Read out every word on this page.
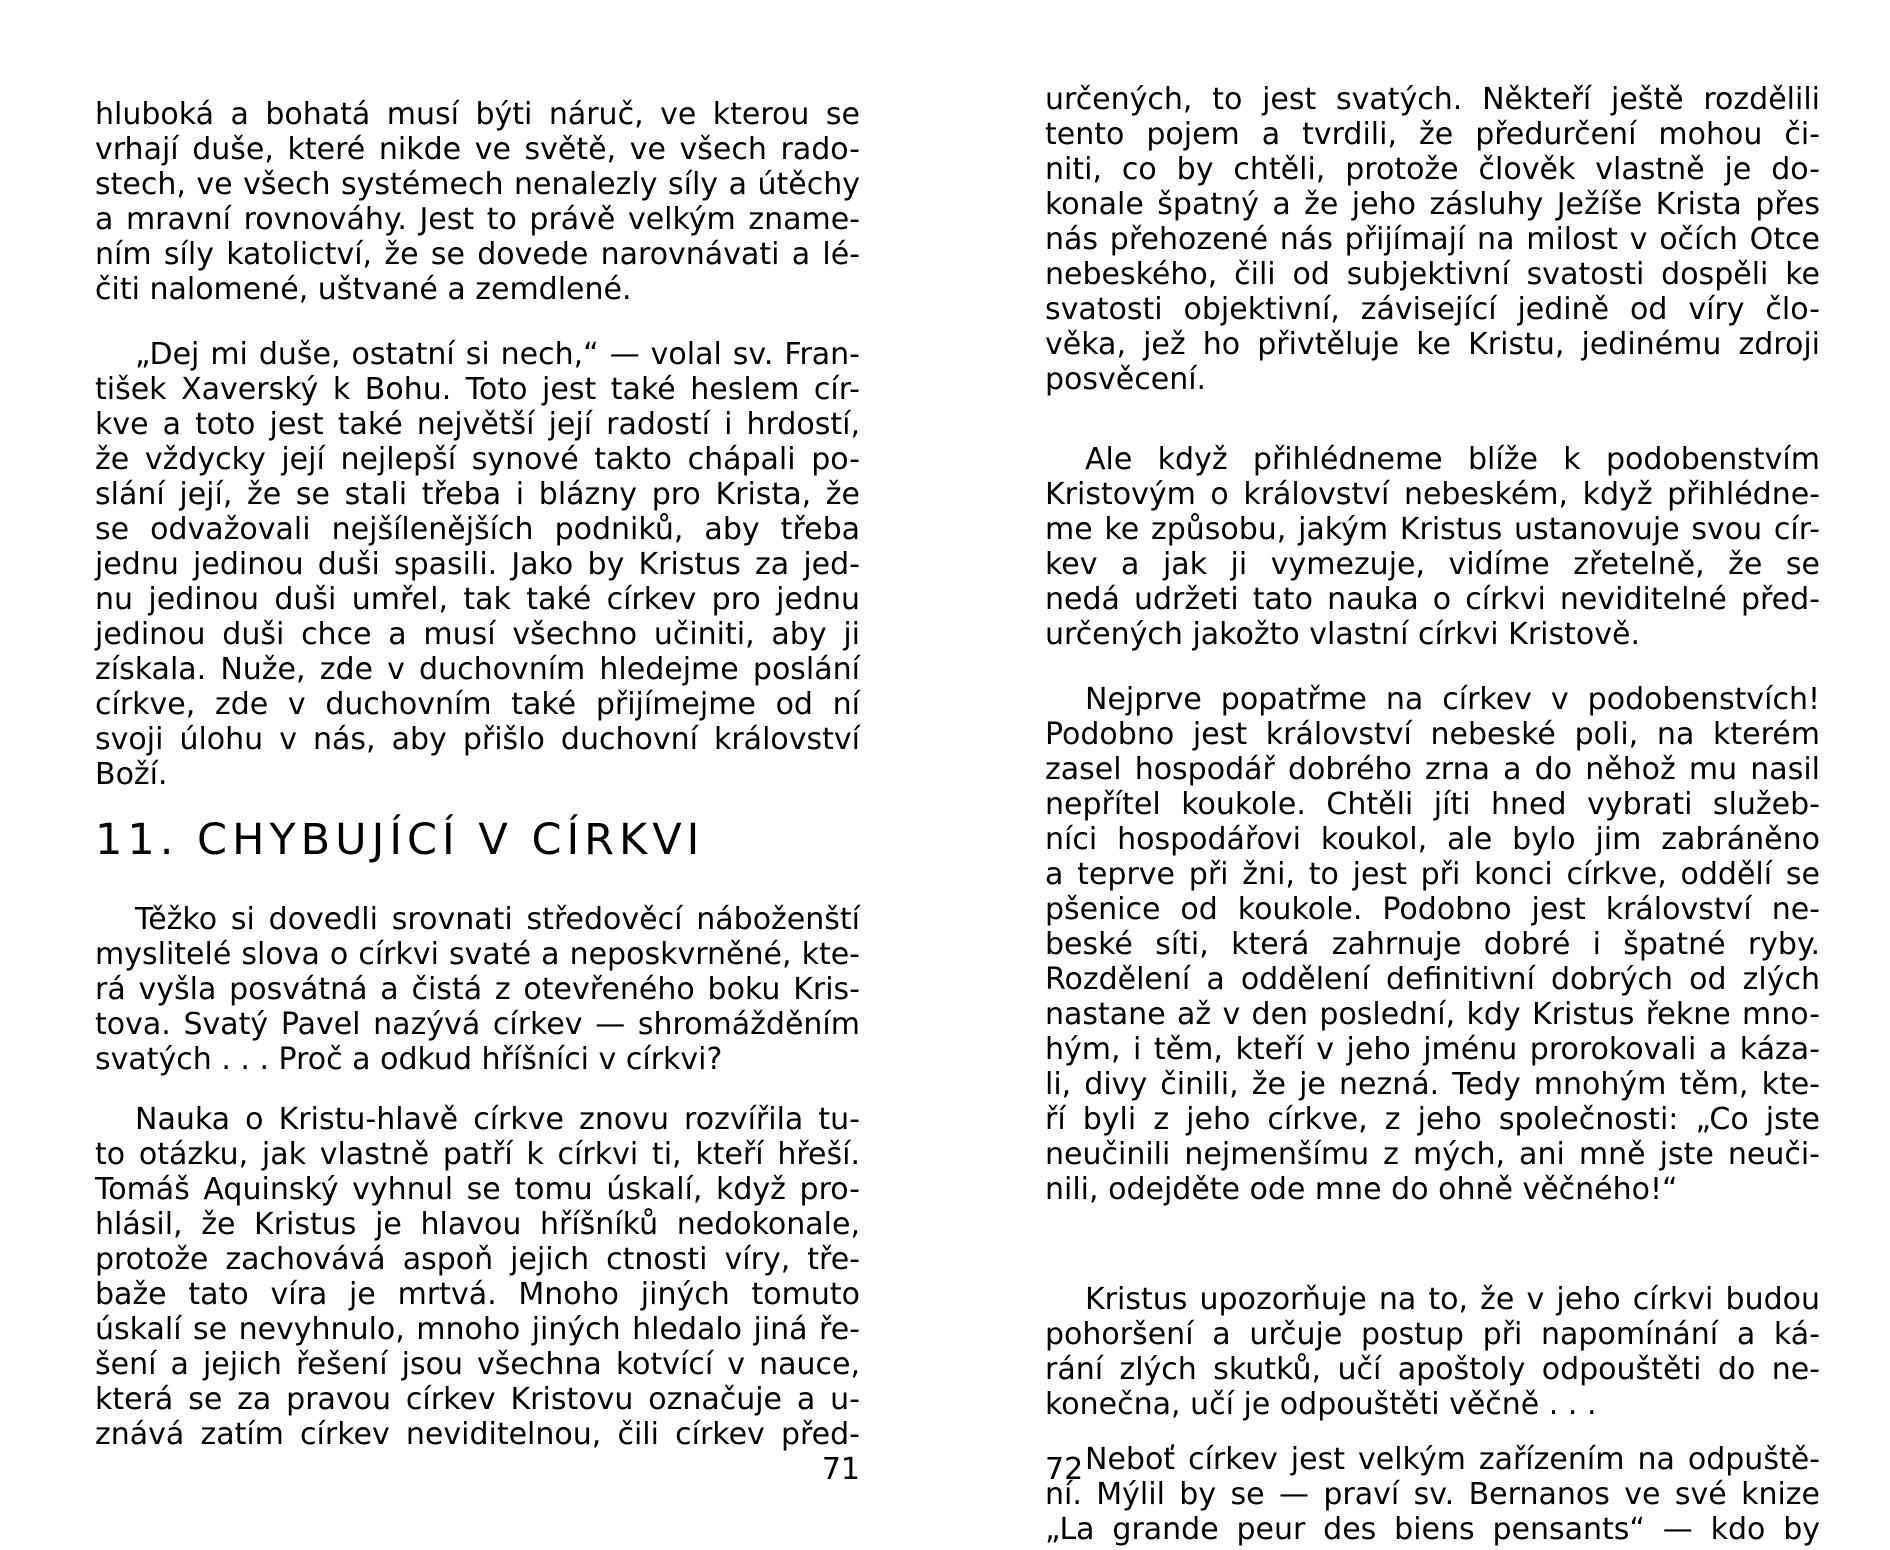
hluboká a bohatá musí býti náruč, ve kterou se
vrhají duše, které nikde ve světě, ve všech rado-
stech, ve všech systémech nenalezly síly a útěchy
a mravní rovnováhy. Jest to právě velkým zname-
ním síly katolictví, že se dovede narovnávati a lé-
čiti nalomené, uštvané a zemdlené.
„Dej mi duše, ostatní si nech,“ — volal sv. Fran-
tišek Xaverský k Bohu. Toto jest také heslem cír-
kve a toto jest také největší její radostí i hrdostí,
že vždycky její nejlepší synové takto chápali po-
slání její, že se stali třeba i blázny pro Krista, že
se odvažovali nejšílenějších podniků, aby třeba
jednu jedinou duši spasili. Jako by Kristus za jed-
nu jedinou duši umřel, tak také církev pro jednu
jedinou duši chce a musí všechno učiniti, aby ji
získala. Nuže, zde v duchovním hledejme poslání
církve, zde v duchovním také přijímejme od ní
svoji úlohu v nás, aby přišlo duchovní království
Boží.
11. CHYBUJÍCÍ V CÍRKVI
Těžko si dovedli srovnati středověcí náboženští
myslitelé slova o církvi svaté a neposkvrněné, kte-
rá vyšla posvátná a čistá z otevřeného boku Kris-
tova. Svatý Pavel nazývá církev — shromážděním
svatých . . . Proč a odkud hříšníci v církvi?
Nauka o Kristu-hlavě církve znovu rozvířila tu-
to otázku, jak vlastně patří k církvi ti, kteří hřeší.
Tomáš Aquinský vyhnul se tomu úskalí, když pro-
hlásil, že Kristus je hlavou hříšníků nedokonale,
protože zachovává aspoň jejich ctnosti víry, tře-
baže tato víra je mrtvá. Mnoho jiných tomuto
úskalí se nevyhnulo, mnoho jiných hledalo jiná ře-
šení a jejich řešení jsou všechna kotvící v nauce,
která se za pravou církev Kristovu označuje a u-
znává zatím církev neviditelnou, čili církev před-
71
určených, to jest svatých. Někteří ještě rozdělili
tento pojem a tvrdili, že předurčení mohou či-
niti, co by chtěli, protože člověk vlastně je do-
konale špatný a že jeho zásluhy Ježíše Krista přes
nás přehozené nás přijímají na milost v očích Otce
nebeského, čili od subjektivní svatosti dospěli ke
svatosti objektivní, závisející jedině od víry člo-
věka, jež ho přivtěluje ke Kristu, jedinému zdroji
posvěcení.
Ale když přihlédneme blíže k podobenstvím
Kristovým o království nebeském, když přihlédne-
me ke způsobu, jakým Kristus ustanovuje svou cír-
kev a jak ji vymezuje, vidíme zřetelně, že se
nedá udržeti tato nauka o církvi neviditelné před-
určených jakožto vlastní církvi Kristově.
Nejprve popatřme na církev v podobenstvích!
Podobno jest království nebeské poli, na kterém
zasel hospodář dobrého zrna a do něhož mu nasil
nepřítel koukole. Chtěli jíti hned vybrati služeb-
níci hospodářovi koukol, ale bylo jim zabráněno
a teprve při žni, to jest při konci církve, oddělí se
pšenice od koukole. Podobno jest království ne-
beské síti, která zahrnuje dobré i špatné ryby.
Rozdělení a oddělení definitivní dobrých od zlých
nastane až v den poslední, kdy Kristus řekne mno-
hým, i těm, kteří v jeho jménu prorokovali a káza-
li, divy činili, že je nezná. Tedy mnohým těm, kte-
ří byli z jeho církve, z jeho společnosti: „Co jste
neučinili nejmenšímu z mých, ani mně jste neuči-
nili, odejděte ode mne do ohně věčného!“
Kristus upozorňuje na to, že v jeho církvi budou
pohoršení a určuje postup při napomínání a ká-
rání zlých skutků, učí apoštoly odpouštěti do ne-
konečna, učí je odpouštěti věčně . . .
Neboť církev jest velkým zařízením na odpuště-
ní. Mýlil by se — praví sv. Bernanos ve své knize
„La grande peur des biens pensants“ — kdo by
72
